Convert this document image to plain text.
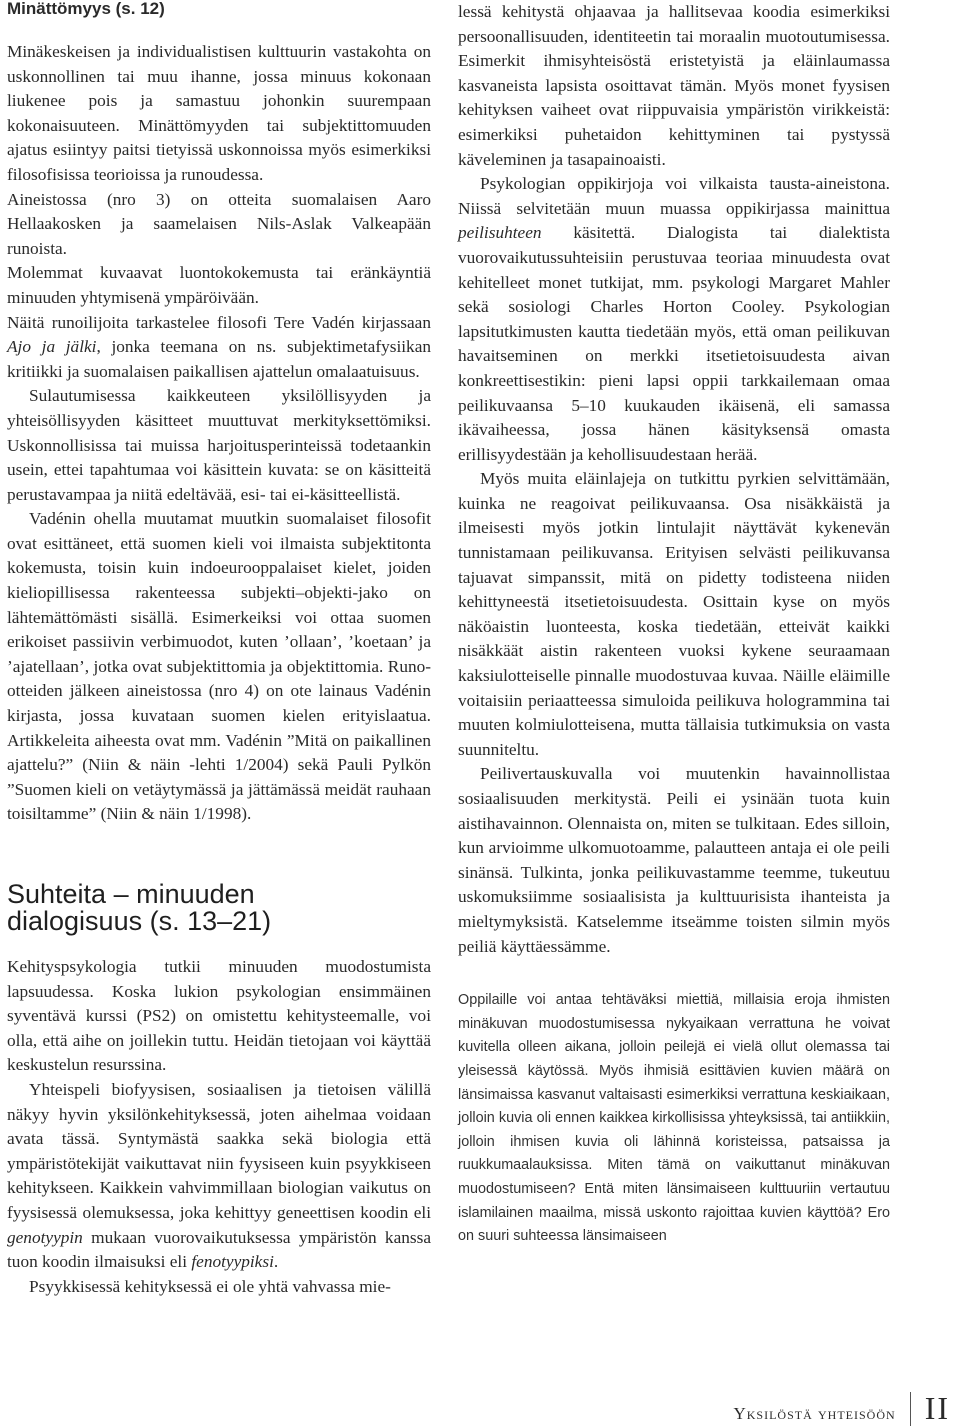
Minättömyys (s. 12)

Minäkeskeisen ja individualistisen kulttuurin vastakohta on uskonnollinen tai muu ihanne, jossa minuus kokonaan liukenee pois ja samastuu johonkin suurempaan kokonaisuuteen. Minättömyyden tai subjektittomuuden ajatus esiintyy paitsi tietyissä uskonnoissa myös esimerkiksi filosofisissa teorioissa ja runoudessa.

Aineistossa (nro 3) on otteita suomalaisen Aaro Hellaakosken ja saamelaisen Nils-Aslak Valkeapään runoista.

Molemmat kuvaavat luontokokemusta tai eränkäyntiä minuuden yhtymisenä ympäröivään.

Näitä runoilijoita tarkastelee filosofi Tere Vadén kirjassaan Ajo ja jälki, jonka teemana on ns. subjektimetafysiikan kritiikki ja suomalaisen paikallisen ajattelun omalaatuisuus.

Sulautumisessa kaikkeuteen yksilöllisyyden ja yhteisöllisyyden käsitteet muuttuvat merkityksettömiksi. Uskonnollisissa tai muissa harjoitusperinteissä todetaankin usein, ettei tapahtumaa voi käsittein kuvata: se on käsitteitä perustavampaa ja niitä edeltävää, esi- tai ei-käsitteellistä.

Vadénin ohella muutamat muutkin suomalaiset filosofit ovat esittäneet, että suomen kieli voi ilmaista subjektitonta kokemusta, toisin kuin indoeurooppalaiset kielet, joiden kieliopillisessa rakenteessa subjekti–objekti-jako on lähtemättömästi sisällä. Esimerkeiksi voi ottaa suomen erikoiset passiivin verbimuodot, kuten ’ollaan’, ’koetaan’ ja ’ajatellaan’, jotka ovat subjektittomia ja objektittomia. Runo-otteiden jälkeen aineistossa (nro 4) on ote lainaus Vadénin kirjasta, jossa kuvataan suomen kielen erityislaatua. Artikkeleita aiheesta ovat mm. Vadénin ”Mitä on paikallinen ajattelu?” (Niin & näin -lehti 1/2004) sekä Pauli Pylkön ”Suomen kieli on vetäytymässä ja jättämässä meidät rauhaan toisiltamme” (Niin & näin 1/1998).

Suhteita – minuuden
dialogisuus (s. 13–21)

Kehityspsykologia tutkii minuuden muodostumista lapsuudessa. Koska lukion psykologian ensimmäinen syventävä kurssi (PS2) on omistettu kehitysteemalle, voi olla, että aihe on joillekin tuttu. Heidän tietojaan voi käyttää keskustelun resurssina.

Yhteispeli biofyysisen, sosiaalisen ja tietoisen välillä näkyy hyvin yksilönkehityksessä, joten aihelmaa voidaan avata tässä. Syntymästä saakka sekä biologia että ympäristötekijät vaikuttavat niin fyysiseen kuin psyykkiseen kehitykseen. Kaikkein vahvimmillaan biologian vaikutus on fyysisessä olemuksessa, joka kehittyy geneettisen koodin eli genotyypin mukaan vuorovaikutuksessa ympäristön kanssa tuon koodin ilmaisuksi eli fenotyypiksi.

Psyykkisessä kehityksessä ei ole yhtä vahvassa mie-

lessä kehitystä ohjaavaa ja hallitsevaa koodia esimerkiksi persoonallisuuden, identiteetin tai moraalin muotoutumisessa. Esimerkit ihmisyhteisöstä eristetyistä ja eläinlaumassa kasvaneista lapsista osoittavat tämän. Myös monet fyysisen kehityksen vaiheet ovat riippuvaisia ympäristön virikkeistä: esimerkiksi puhetaidon kehittyminen tai pystyssä käveleminen ja tasapainoaisti.

Psykologian oppikirjoja voi vilkaista tausta-aineistona. Niissä selvitetään muun muassa oppikirjassa mainittua peilisuhteen käsitettä. Dialogista tai dialektista vuorovaikutussuhteisiin perustuvaa teoriaa minuudesta ovat kehitelleet monet tutkijat, mm. psykologi Margaret Mahler sekä sosiologi Charles Horton Cooley. Psykologian lapsitutkimusten kautta tiedetään myös, että oman peilikuvan havaitseminen on merkki itsetietoisuudesta aivan konkreettisestikin: pieni lapsi oppii tarkkailemaan omaa peilikuvaansa 5–10 kuukauden ikäisenä, eli samassa ikävaiheessa, jossa hänen käsityksensä omasta erillisyydestään ja kehollisuudestaan herää.

Myös muita eläinlajeja on tutkittu pyrkien selvittämään, kuinka ne reagoivat peilikuvaansa. Osa nisäkkäistä ja ilmeisesti myös jotkin lintulajit näyttävät kykenevän tunnistamaan peilikuvansa. Erityisen selvästi peilikuvansa tajuavat simpanssit, mitä on pidetty todisteena niiden kehittyneestä itsetietoisuudesta. Osittain kyse on myös näköaistin luonteesta, koska tiedetään, etteivät kaikki nisäkkäät aistin rakenteen vuoksi kykene seuraamaan kaksiulotteiselle pinnalle muodostuvaa kuvaa. Näille eläimille voitaisiin periaatteessa simuloida peilikuva hologrammina tai muuten kolmiulotteisena, mutta tällaisia tutkimuksia on vasta suunniteltu.

Peilivertauskuvalla voi muutenkin havainnollistaa sosiaalisuuden merkitystä. Peili ei ysinään tuota kuin aistihavainnon. Olennaista on, miten se tulkitaan. Edes silloin, kun arvioimme ulkomuotoamme, palautteen antaja ei ole peili sinänsä. Tulkinta, jonka peilikuvastamme teemme, tukeutuu uskomuksiimme sosiaalisista ja kulttuurisista ihanteista ja mieltymyksistä. Katselemme itseämme toisten silmin myös peiliä käyttäessämme.

Oppilaille voi antaa tehtäväksi miettiä, millaisia eroja ihmisten minäkuvan muodostumisessa nykyaikaan verrattuna he voivat kuvitella olleen aikana, jolloin peilejä ei vielä ollut olemassa tai yleisessä käytössä. Myös ihmisiä esittävien kuvien määrä on länsimaissa kasvanut valtaisasti esimerkiksi verrattuna keskiaikaan, jolloin kuvia oli ennen kaikkea kirkollisissa yhteyksissä, tai antiikkiin, jolloin ihmisen kuvia oli lähinnä koristeissa, patsaissa ja ruukkumaalauksissa. Miten tämä on vaikuttanut minäkuvan muodostumiseen? Entä miten länsimaiseen kulttuuriin vertautuu islamilainen maailma, missä uskonto rajoittaa kuvien käyttöä? Ero on suuri suhteessa länsimaiseen

Yksilöstä yhteisöön II
